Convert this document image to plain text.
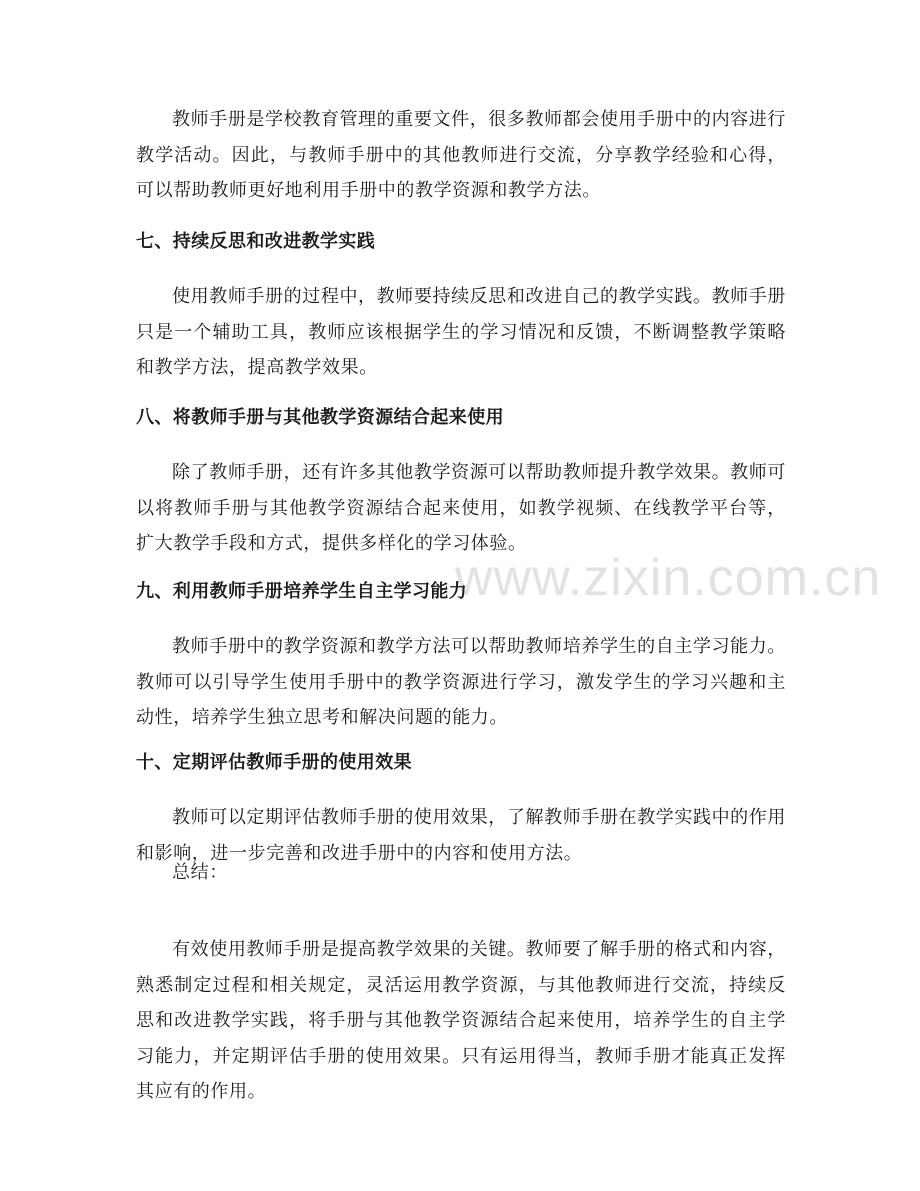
www.zixin.com.cn

教师手册是学校教育管理的重要文件，很多教师都会使用手册中的内容进行教学活动。因此，与教师手册中的其他教师进行交流，分享教学经验和心得，可以帮助教师更好地利用手册中的教学资源和教学方法。

七、持续反思和改进教学实践

使用教师手册的过程中，教师要持续反思和改进自己的教学实践。教师手册只是一个辅助工具，教师应该根据学生的学习情况和反馈，不断调整教学策略和教学方法，提高教学效果。

八、将教师手册与其他教学资源结合起来使用

除了教师手册，还有许多其他教学资源可以帮助教师提升教学效果。教师可以将教师手册与其他教学资源结合起来使用，如教学视频、在线教学平台等，扩大教学手段和方式，提供多样化的学习体验。

九、利用教师手册培养学生自主学习能力

教师手册中的教学资源和教学方法可以帮助教师培养学生的自主学习能力。教师可以引导学生使用手册中的教学资源进行学习，激发学生的学习兴趣和主动性，培养学生独立思考和解决问题的能力。

十、定期评估教师手册的使用效果

教师可以定期评估教师手册的使用效果，了解教师手册在教学实践中的作用和影响，进一步完善和改进手册中的内容和使用方法。

总结：

有效使用教师手册是提高教学效果的关键。教师要了解手册的格式和内容，熟悉制定过程和相关规定，灵活运用教学资源，与其他教师进行交流，持续反思和改进教学实践，将手册与其他教学资源结合起来使用，培养学生的自主学习能力，并定期评估手册的使用效果。只有运用得当，教师手册才能真正发挥其应有的作用。
